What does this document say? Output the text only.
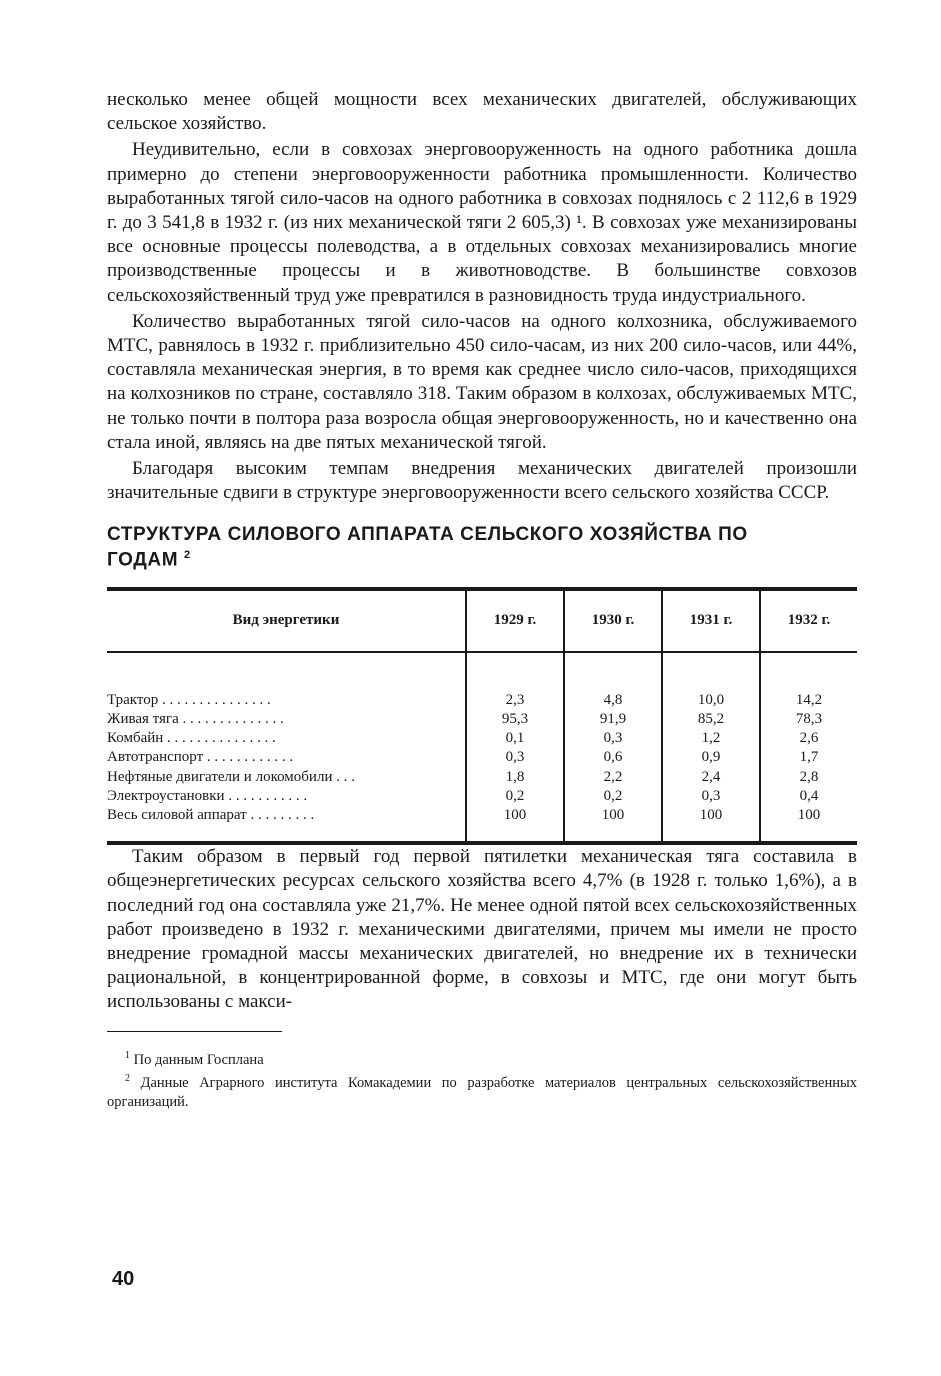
несколько менее общей мощности всех механических двигателей, обслуживающих сельское хозяйство.

Неудивительно, если в совхозах энерговооруженность на одного работника дошла примерно до степени энерговооруженности работника промышленности. Количество выработанных тягой сило-часов на одного работника в совхозах поднялось с 2 112,6 в 1929 г. до 3 541,8 в 1932 г. (из них механической тяги 2 605,3) ¹. В совхозах уже механизированы все основные процессы полеводства, а в отдельных совхозах механизировались многие производственные процессы и в животноводстве. В большинстве совхозов сельскохозяйственный труд уже превратился в разновидность труда индустриального.

Количество выработанных тягой сило-часов на одного колхозника, обслуживаемого МТС, равнялось в 1932 г. приблизительно 450 сило-часам, из них 200 сило-часов, или 44%, составляла механическая энергия, в то время как среднее число сило-часов, приходящихся на колхозников по стране, составляло 318. Таким образом в колхозах, обслуживаемых МТС, не только почти в полтора раза возросла общая энерговооруженность, но и качественно она стала иной, являясь на две пятых механической тягой.

Благодаря высоким темпам внедрения механических двигателей произошли значительные сдвиги в структуре энерговооруженности всего сельского хозяйства СССР.

СТРУКТУРА СИЛОВОГО АППАРАТА СЕЛЬСКОГО ХОЗЯЙСТВА ПО ГОДАМ $^2$
Вид энергетики	1929 г.	1930 г.	1931 г.	1932 г.
Трактор . . . . . . . . . . . . . . .	2,3	4,8	10,0	14,2
Живая тяга . . . . . . . . . . . . . .	95,3	91,9	85,2	78,3
Комбайн . . . . . . . . . . . . . . .	0,1	0,3	1,2	2,6
Автотранспорт . . . . . . . . . . . .	0,3	0,6	0,9	1,7
Нефтяные двигатели и локомобили . . .	1,8	2,2	2,4	2,8
Электроустановки . . . . . . . . . . .	0,2	0,2	0,3	0,4
Весь силовой аппарат . . . . . . . . .	100	100	100	100

Таким образом в первый год первой пятилетки механическая тяга составила в общеэнергетических ресурсах сельского хозяйства всего 4,7% (в 1928 г. только 1,6%), а в последний год она составляла уже 21,7%. Не менее одной пятой всех сельскохозяйственных работ произведено в 1932 г. механическими двигателями, причем мы имели не просто внедрение громадной массы механических двигателей, но внедрение их в технически рациональной, в концентрированной форме, в совхозы и МТС, где они могут быть использованы с макси-

$^1$ По данным Госплана

$^2$ Данные Аграрного института Комакадемии по разработке материалов центральных сельскохозяйственных организаций.

40
